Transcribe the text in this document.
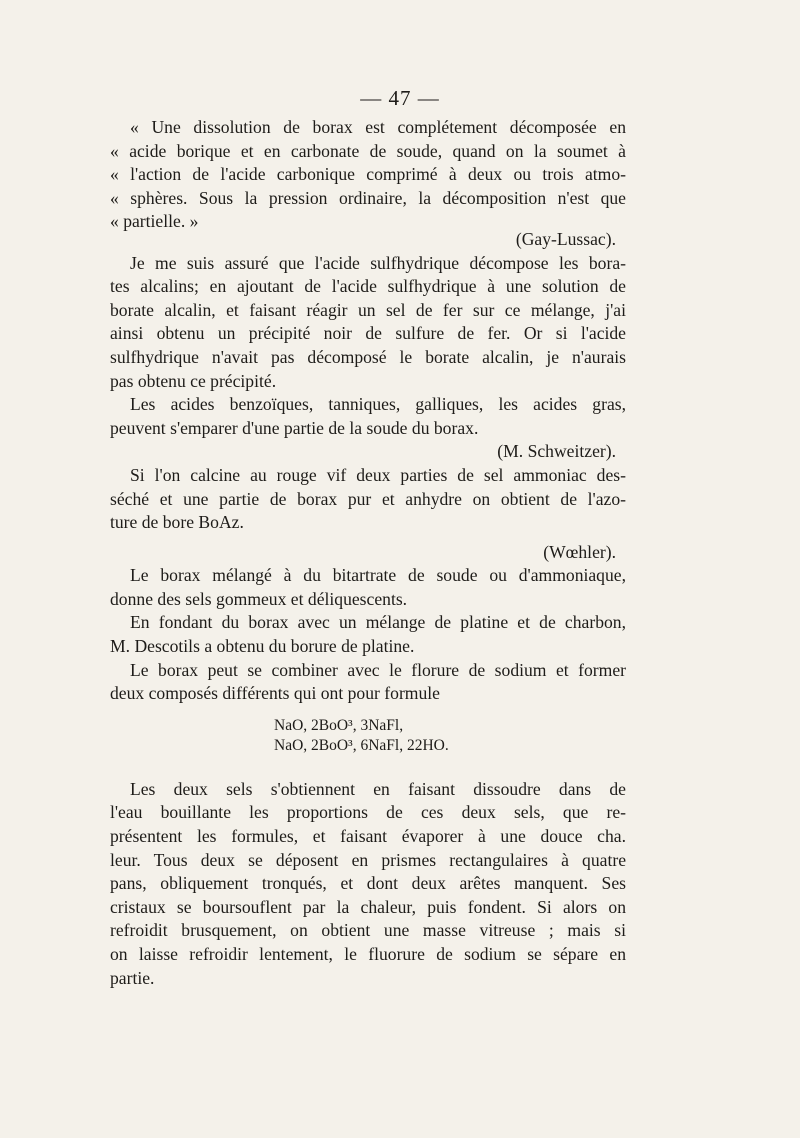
— 47 —
« Une dissolution de borax est complétement décomposée en
« acide borique et en carbonate de soude, quand on la soumet à
« l'action de l'acide carbonique comprimé à deux ou trois atmo-
« sphères. Sous la pression ordinaire, la décomposition n'est que
« partielle. »
(Gay-Lussac).
Je me suis assuré que l'acide sulfhydrique décompose les bora-
tes alcalins; en ajoutant de l'acide sulfhydrique à une solution de
borate alcalin, et faisant réagir un sel de fer sur ce mélange, j'ai
ainsi obtenu un précipité noir de sulfure de fer. Or si l'acide
sulfhydrique n'avait pas décomposé le borate alcalin, je n'aurais
pas obtenu ce précipité.
Les acides benzoïques, tanniques, galliques, les acides gras,
peuvent s'emparer d'une partie de la soude du borax.
(M. Schweitzer).
Si l'on calcine au rouge vif deux parties de sel ammoniac des-
séché et une partie de borax pur et anhydre on obtient de l'azo-
ture de bore BoAz.
(Wœhler).
Le borax mélangé à du bitartrate de soude ou d'ammoniaque,
donne des sels gommeux et déliquescents.
En fondant du borax avec un mélange de platine et de charbon,
M. Descotils a obtenu du borure de platine.
Le borax peut se combiner avec le florure de sodium et former
deux composés différents qui ont pour formule
NaO, 2BoO³, 3NaFl,
NaO, 2BoO³, 6NaFl, 22HO.
Les deux sels s'obtiennent en faisant dissoudre dans de
l'eau bouillante les proportions de ces deux sels, que re-
présentent les formules, et faisant évaporer à une douce cha.
leur. Tous deux se déposent en prismes rectangulaires à quatre
pans, obliquement tronqués, et dont deux arêtes manquent. Ses
cristaux se boursouflent par la chaleur, puis fondent. Si alors on
refroidit brusquement, on obtient une masse vitreuse ; mais si
on laisse refroidir lentement, le fluorure de sodium se sépare en
partie.
